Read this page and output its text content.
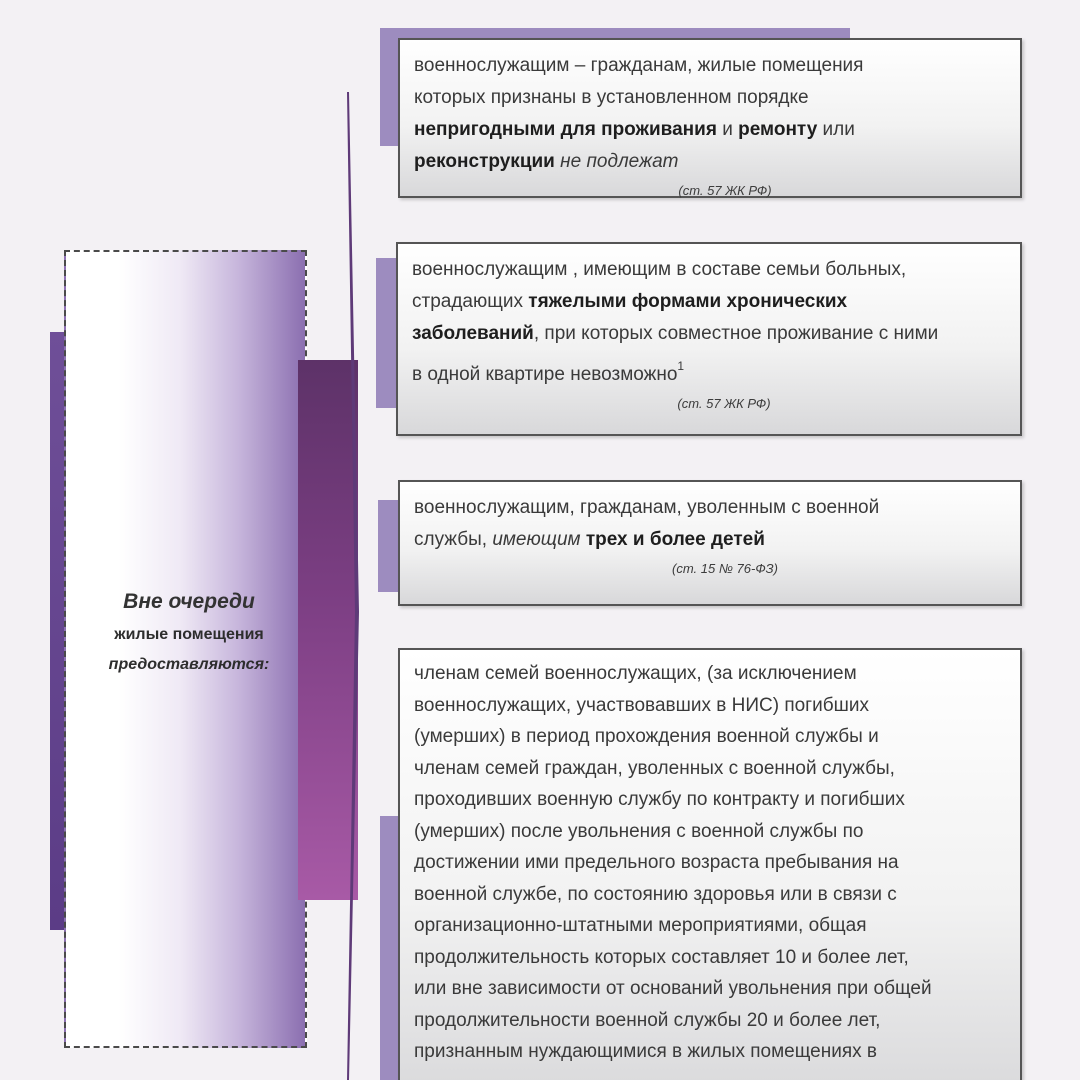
Вне очереди
жилые помещения
предоставляются:
военнослужащим – гражданам, жилые помещения
которых признаны в установленном порядке
непригодными для проживания и ремонту или
реконструкции не подлежат
(ст. 57 ЖК РФ)
военнослужащим , имеющим в составе семьи больных,
страдающих тяжелыми формами хронических
заболеваний, при которых совместное проживание с ними
в одной квартире невозможно$^1$
(ст. 57 ЖК РФ)
военнослужащим, гражданам, уволенным с военной
службы, имеющим трех и более детей
(ст. 15 № 76-ФЗ)
членам семей военнослужащих, (за исключением
военнослужащих, участвовавших в НИС) погибших
(умерших) в период прохождения военной службы и
членам семей граждан, уволенных с военной службы,
проходивших военную службу по контракту и погибших
(умерших) после увольнения с военной службы по
достижении ими предельного возраста пребывания на
военной службе, по состоянию здоровья или в связи с
организационно-штатными мероприятиями, общая
продолжительность которых составляет 10 и более лет,
или вне зависимости от оснований увольнения при общей
продолжительности военной службы 20 и более лет,
признанным нуждающимися в жилых помещениях в
